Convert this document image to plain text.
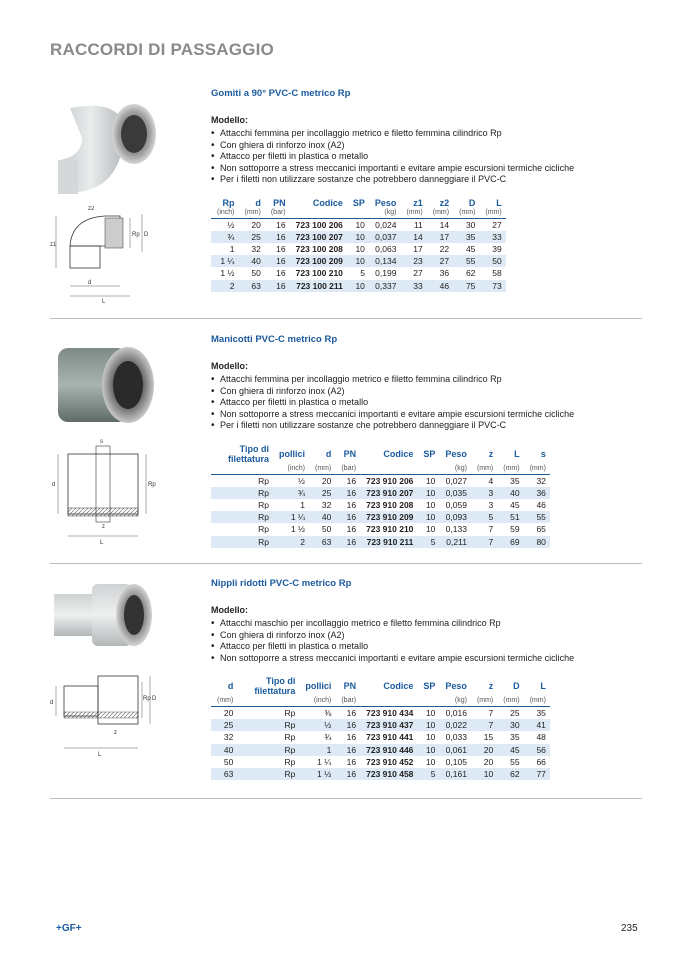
RACCORDI DI PASSAGGIO
z2
z1
Rp D
d
L
Gomiti a 90° PVC-C metrico Rp
Modello:
• Attacchi femmina per incollaggio metrico e filetto femmina cilindrico Rp
• Con ghiera di rinforzo inox (A2)
• Attacco per filetti in plastica o metallo
• Non sottoporre a stress meccanici importanti e evitare ampie escursioni termiche cicliche
• Per i filetti non utilizzare sostanze che potrebbero danneggiare il PVC-C
Rp	d	PN	Codice	SP	Peso	z1	z2	D	L
(inch)	(mm)	(bar)			(kg)	(mm)	(mm)	(mm)	(mm)
½	20	16	723 100 206	10	0,024	11	14	30	27
¾	25	16	723 100 207	10	0,037	14	17	35	33
1	32	16	723 100 208	10	0,063	17	22	45	39
1 ¼	40	16	723 100 209	10	0,134	23	27	55	50
1 ½	50	16	723 100 210	5	0,199	27	36	62	58
2	63	16	723 100 211	10	0,337	33	46	75	73
s
d	Rp
z
L
Manicotti PVC-C metrico Rp
Modello:
• Attacchi femmina per incollaggio metrico e filetto femmina cilindrico Rp
• Con ghiera di rinforzo inox (A2)
• Attacco per filetti in plastica o metallo
• Non sottoporre a stress meccanici importanti e evitare ampie escursioni termiche cicliche
• Per i filetti non utilizzare sostanze che potrebbero danneggiare il PVC-C
Tipo di filettatura	pollici	d	PN	Codice	SP	Peso	z	L	s
	(inch)	(mm)	(bar)			(kg)	(mm)	(mm)	(mm)
Rp	½	20	16	723 910 206	10	0,027	4	35	32
Rp	¾	25	16	723 910 207	10	0,035	3	40	36
Rp	1	32	16	723 910 208	10	0,059	3	45	46
Rp	1 ¼	40	16	723 910 209	10	0,093	5	51	55
Rp	1 ½	50	16	723 910 210	10	0,133	7	59	65
Rp	2	63	16	723 910 211	5	0,211	7	69	80
d
Rp D
z
L
Nippli ridotti PVC-C metrico Rp
Modello:
• Attacchi maschio per incollaggio metrico e filetto femmina cilindrico Rp
• Con ghiera di rinforzo inox (A2)
• Attacco per filetti in plastica o metallo
• Non sottoporre a stress meccanici importanti e evitare ampie escursioni termiche cicliche
d	Tipo di filettatura	pollici	PN	Codice	SP	Peso	z	D	L
(mm)		(inch)	(bar)			(kg)	(mm)	(mm)	(mm)
20	Rp	⅜	16	723 910 434	10	0,016	7	25	35
25	Rp	½	16	723 910 437	10	0,022	7	30	41
32	Rp	¾	16	723 910 441	10	0,033	15	35	48
40	Rp	1	16	723 910 446	10	0,061	20	45	56
50	Rp	1 ¼	16	723 910 452	10	0,105	20	55	66
63	Rp	1 ½	16	723 910 458	5	0,161	10	62	77
+GF+	235
